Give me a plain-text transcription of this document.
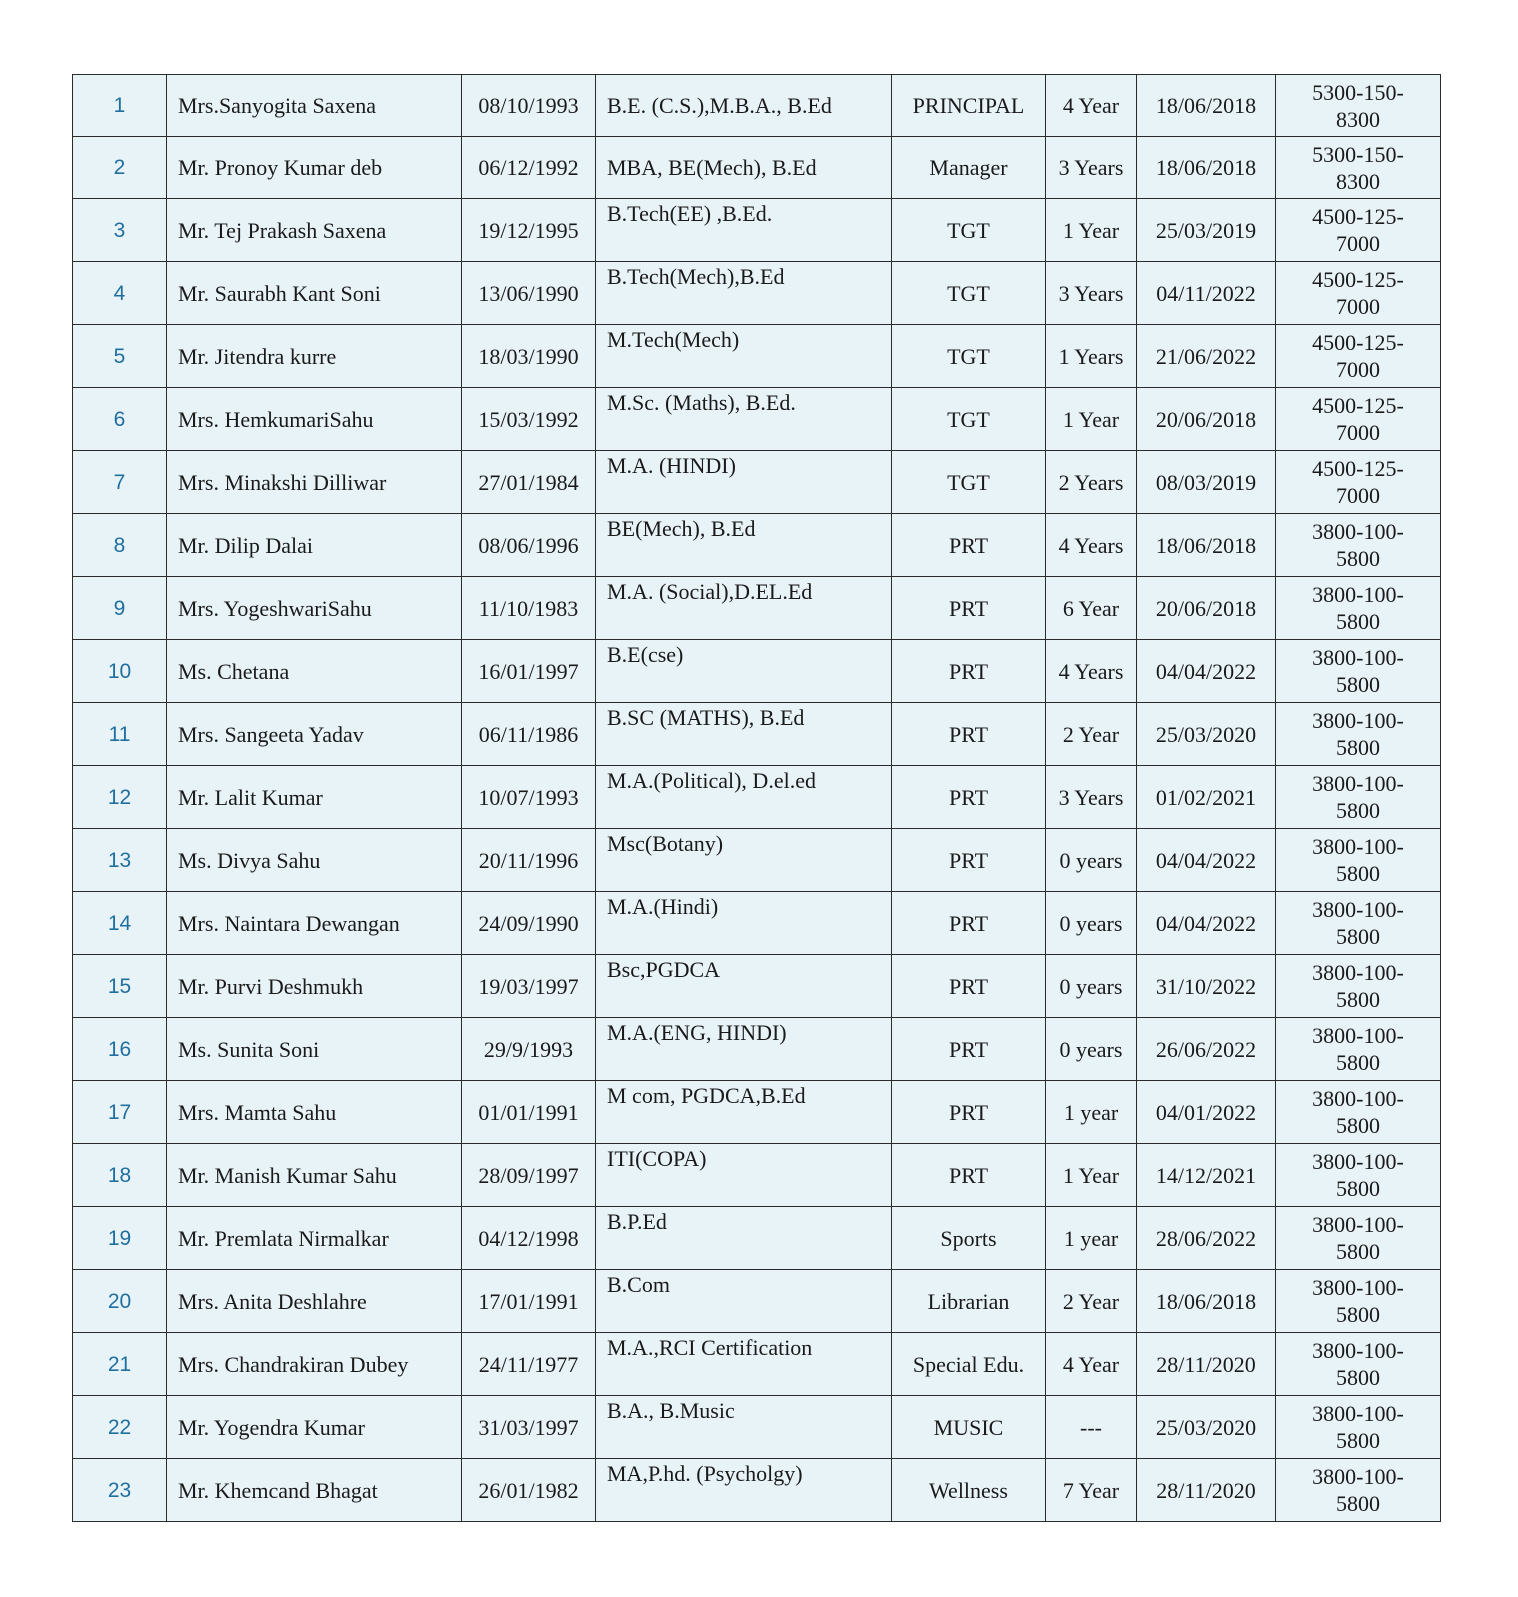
1	Mrs.Sanyogita Saxena	08/10/1993	B.E. (C.S.),M.B.A., B.Ed	PRINCIPAL	4 Year	18/06/2018	5300-150-8300
2	Mr. Pronoy Kumar deb	06/12/1992	MBA, BE(Mech), B.Ed	Manager	3 Years	18/06/2018	5300-150-8300
3	Mr. Tej Prakash Saxena	19/12/1995	B.Tech(EE) ,B.Ed.	TGT	1 Year	25/03/2019	4500-125-7000
4	Mr. Saurabh Kant Soni	13/06/1990	B.Tech(Mech),B.Ed	TGT	3 Years	04/11/2022	4500-125-7000
5	Mr. Jitendra kurre	18/03/1990	M.Tech(Mech)	TGT	1 Years	21/06/2022	4500-125-7000
6	Mrs. HemkumariSahu	15/03/1992	M.Sc. (Maths), B.Ed.	TGT	1 Year	20/06/2018	4500-125-7000
7	Mrs. Minakshi Dilliwar	27/01/1984	M.A. (HINDI)	TGT	2 Years	08/03/2019	4500-125-7000
8	Mr. Dilip Dalai	08/06/1996	BE(Mech), B.Ed	PRT	4 Years	18/06/2018	3800-100-5800
9	Mrs. YogeshwariSahu	11/10/1983	M.A. (Social),D.EL.Ed	PRT	6 Year	20/06/2018	3800-100-5800
10	Ms. Chetana	16/01/1997	B.E(cse)	PRT	4 Years	04/04/2022	3800-100-5800
11	Mrs. Sangeeta Yadav	06/11/1986	B.SC (MATHS), B.Ed	PRT	2 Year	25/03/2020	3800-100-5800
12	Mr. Lalit Kumar	10/07/1993	M.A.(Political), D.el.ed	PRT	3 Years	01/02/2021	3800-100-5800
13	Ms. Divya Sahu	20/11/1996	Msc(Botany)	PRT	0 years	04/04/2022	3800-100-5800
14	Mrs. Naintara Dewangan	24/09/1990	M.A.(Hindi)	PRT	0 years	04/04/2022	3800-100-5800
15	Mr. Purvi Deshmukh	19/03/1997	Bsc,PGDCA	PRT	0 years	31/10/2022	3800-100-5800
16	Ms. Sunita Soni	29/9/1993	M.A.(ENG, HINDI)	PRT	0 years	26/06/2022	3800-100-5800
17	Mrs. Mamta Sahu	01/01/1991	M com, PGDCA,B.Ed	PRT	1 year	04/01/2022	3800-100-5800
18	Mr. Manish Kumar Sahu	28/09/1997	ITI(COPA)	PRT	1 Year	14/12/2021	3800-100-5800
19	Mr. Premlata Nirmalkar	04/12/1998	B.P.Ed	Sports	1 year	28/06/2022	3800-100-5800
20	Mrs. Anita Deshlahre	17/01/1991	B.Com	Librarian	2 Year	18/06/2018	3800-100-5800
21	Mrs. Chandrakiran Dubey	24/11/1977	M.A.,RCI Certification	Special Edu.	4 Year	28/11/2020	3800-100-5800
22	Mr. Yogendra Kumar	31/03/1997	B.A., B.Music	MUSIC	---	25/03/2020	3800-100-5800
23	Mr. Khemcand Bhagat	26/01/1982	MA,P.hd. (Psycholgy)	Wellness	7 Year	28/11/2020	3800-100-5800
